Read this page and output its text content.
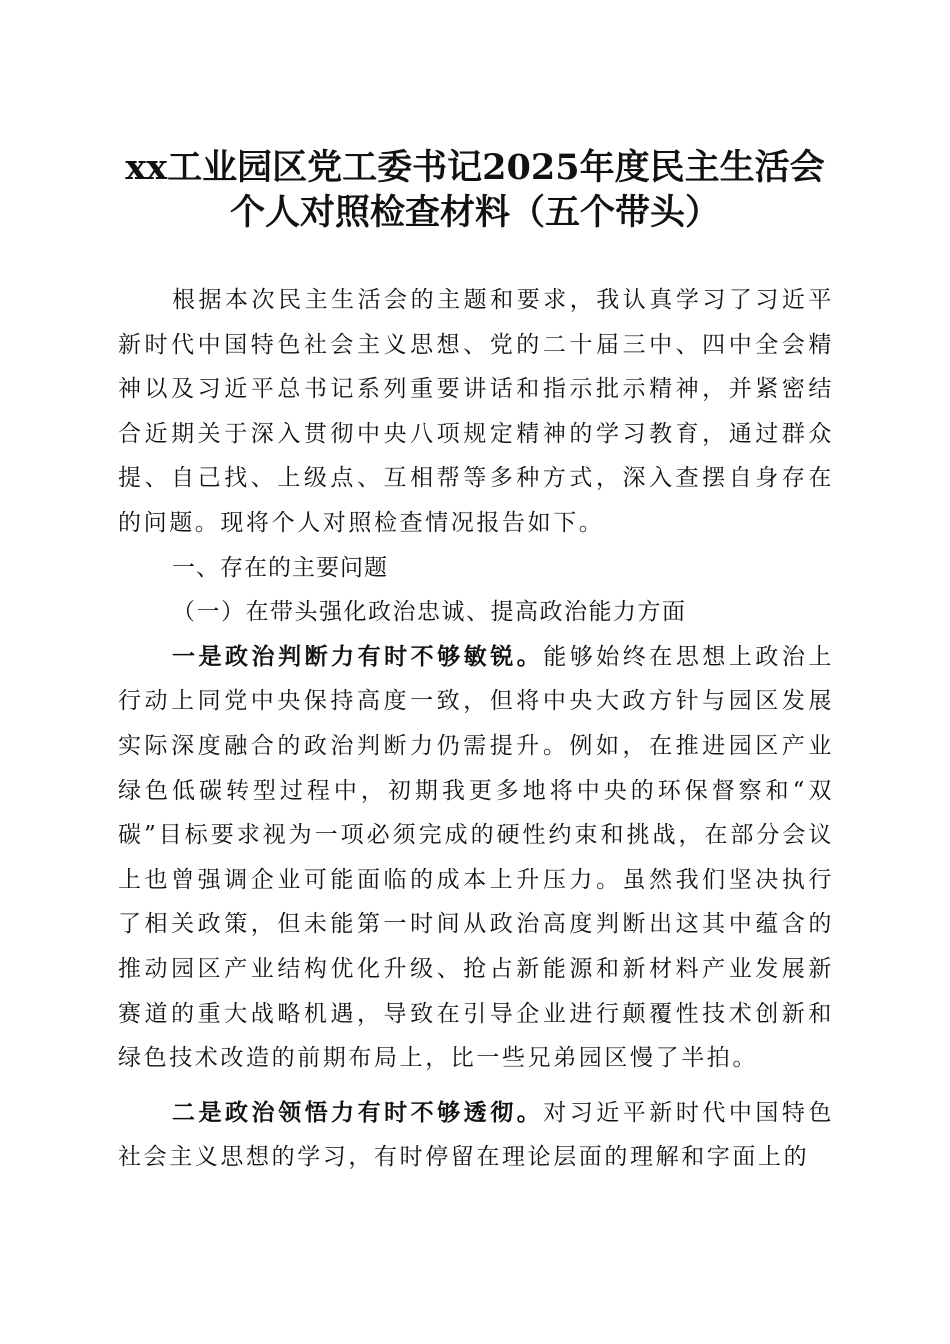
xx工业园区党工委书记2025年度民主生活会
个人对照检查材料（五个带头）

根据本次民主生活会的主题和要求，我认真学习了习近平新时代中国特色社会主义思想、党的二十届三中、四中全会精神以及习近平总书记系列重要讲话和指示批示精神，并紧密结合近期关于深入贯彻中央八项规定精神的学习教育，通过群众提、自己找、上级点、互相帮等多种方式，深入查摆自身存在的问题。现将个人对照检查情况报告如下。

一、存在的主要问题

（一）在带头强化政治忠诚、提高政治能力方面

一是政治判断力有时不够敏锐。能够始终在思想上政治上行动上同党中央保持高度一致，但将中央大政方针与园区发展实际深度融合的政治判断力仍需提升。例如，在推进园区产业绿色低碳转型过程中，初期我更多地将中央的环保督察和“双碳”目标要求视为一项必须完成的硬性约束和挑战，在部分会议上也曾强调企业可能面临的成本上升压力。虽然我们坚决执行了相关政策，但未能第一时间从政治高度判断出这其中蕴含的推动园区产业结构优化升级、抢占新能源和新材料产业发展新赛道的重大战略机遇，导致在引导企业进行颠覆性技术创新和绿色技术改造的前期布局上，比一些兄弟园区慢了半拍。

二是政治领悟力有时不够透彻。对习近平新时代中国特色社会主义思想的学习，有时停留在理论层面的理解和字面上的
